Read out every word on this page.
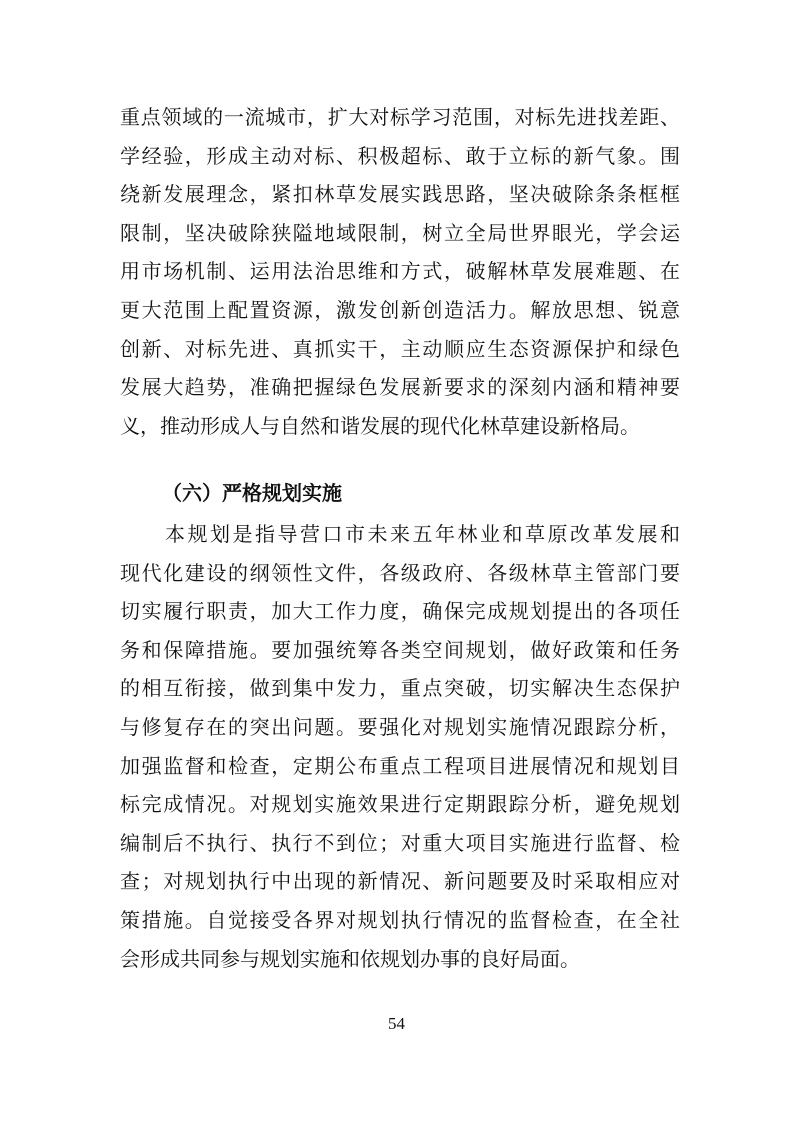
重点领域的一流城市，扩大对标学习范围，对标先进找差距、
学经验，形成主动对标、积极超标、敢于立标的新气象。围
绕新发展理念，紧扣林草发展实践思路，坚决破除条条框框
限制，坚决破除狭隘地域限制，树立全局世界眼光，学会运
用市场机制、运用法治思维和方式，破解林草发展难题、在
更大范围上配置资源，激发创新创造活力。解放思想、锐意
创新、对标先进、真抓实干，主动顺应生态资源保护和绿色
发展大趋势，准确把握绿色发展新要求的深刻内涵和精神要
义，推动形成人与自然和谐发展的现代化林草建设新格局。
（六）严格规划实施
　　本规划是指导营口市未来五年林业和草原改革发展和
现代化建设的纲领性文件，各级政府、各级林草主管部门要
切实履行职责，加大工作力度，确保完成规划提出的各项任
务和保障措施。要加强统筹各类空间规划，做好政策和任务
的相互衔接，做到集中发力，重点突破，切实解决生态保护
与修复存在的突出问题。要强化对规划实施情况跟踪分析，
加强监督和检查，定期公布重点工程项目进展情况和规划目
标完成情况。对规划实施效果进行定期跟踪分析，避免规划
编制后不执行、执行不到位；对重大项目实施进行监督、检
查；对规划执行中出现的新情况、新问题要及时采取相应对
策措施。自觉接受各界对规划执行情况的监督检查，在全社
会形成共同参与规划实施和依规划办事的良好局面。
54
